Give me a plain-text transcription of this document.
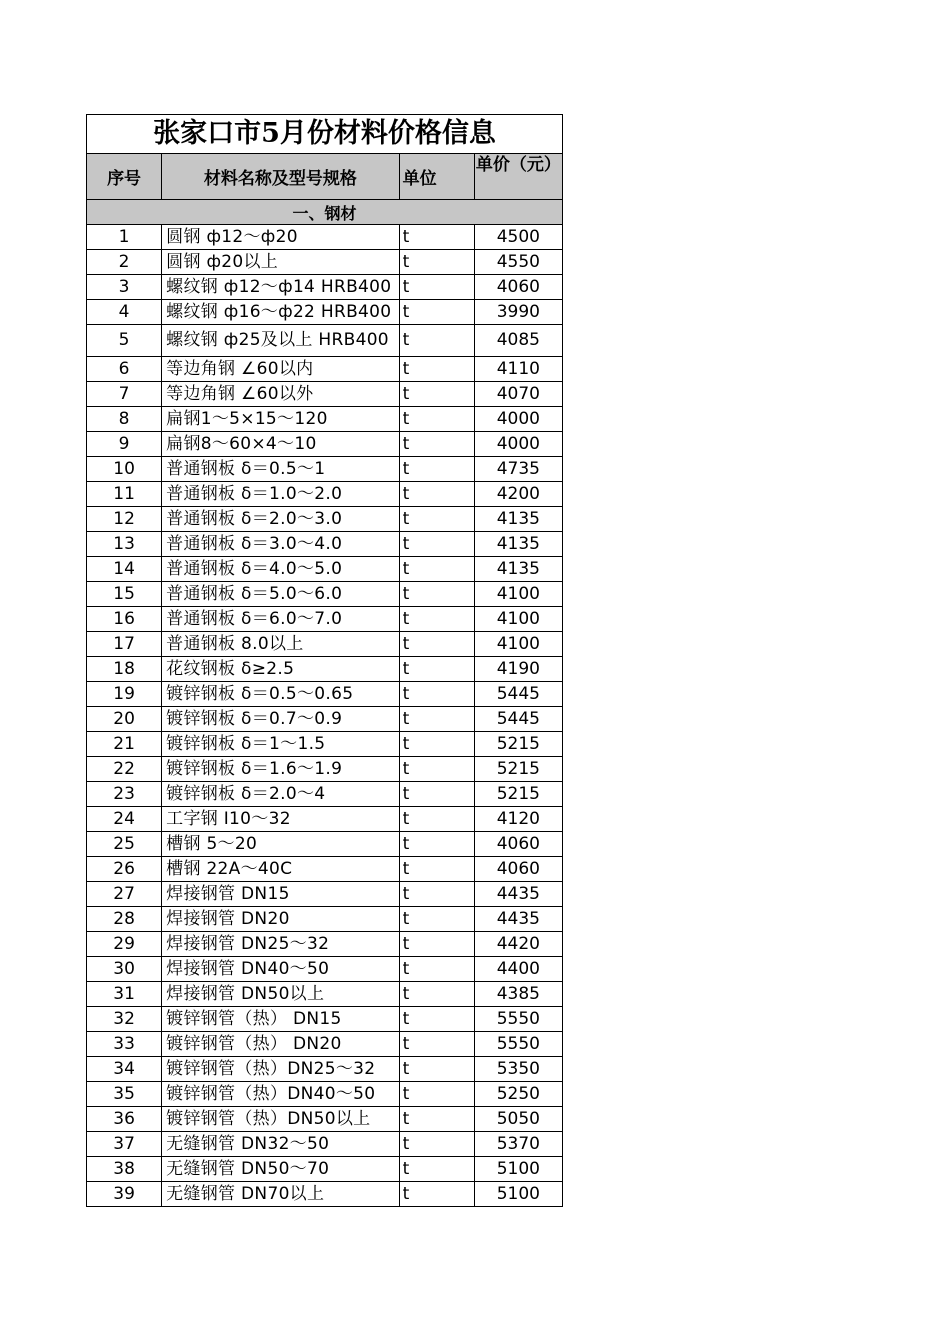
张家口市5月份材料价格信息			
序号	材料名称及型号规格	单位	单价（元）
一、钢材			
1	圆钢 ф12～ф20	t	4500
2	圆钢 ф20以上	t	4550
3	螺纹钢 ф12～ф14 HRB400	t	4060
4	螺纹钢 ф16～ф22 HRB400	t	3990
5	螺纹钢 ф25及以上 HRB400	t	4085
6	等边角钢 ∠60以内	t	4110
7	等边角钢 ∠60以外	t	4070
8	扁钢1～5×15～120	t	4000
9	扁钢8～60×4～10	t	4000
10	普通钢板 δ＝0.5～1	t	4735
11	普通钢板 δ＝1.0～2.0	t	4200
12	普通钢板 δ＝2.0～3.0	t	4135
13	普通钢板 δ＝3.0～4.0	t	4135
14	普通钢板 δ＝4.0～5.0	t	4135
15	普通钢板 δ＝5.0～6.0	t	4100
16	普通钢板 δ＝6.0～7.0	t	4100
17	普通钢板 8.0以上	t	4100
18	花纹钢板 δ≥2.5	t	4190
19	镀锌钢板 δ＝0.5～0.65	t	5445
20	镀锌钢板 δ＝0.7～0.9	t	5445
21	镀锌钢板 δ＝1～1.5	t	5215
22	镀锌钢板 δ＝1.6～1.9	t	5215
23	镀锌钢板 δ＝2.0～4	t	5215
24	工字钢 Ⅰ10～32	t	4120
25	槽钢 5～20	t	4060
26	槽钢 22A～40C	t	4060
27	焊接钢管 DN15	t	4435
28	焊接钢管 DN20	t	4435
29	焊接钢管 DN25～32	t	4420
30	焊接钢管 DN40～50	t	4400
31	焊接钢管 DN50以上	t	4385
32	镀锌钢管（热） DN15	t	5550
33	镀锌钢管（热） DN20	t	5550
34	镀锌钢管（热）DN25～32	t	5350
35	镀锌钢管（热）DN40～50	t	5250
36	镀锌钢管（热）DN50以上	t	5050
37	无缝钢管 DN32～50	t	5370
38	无缝钢管 DN50～70	t	5100
39	无缝钢管 DN70以上	t	5100
